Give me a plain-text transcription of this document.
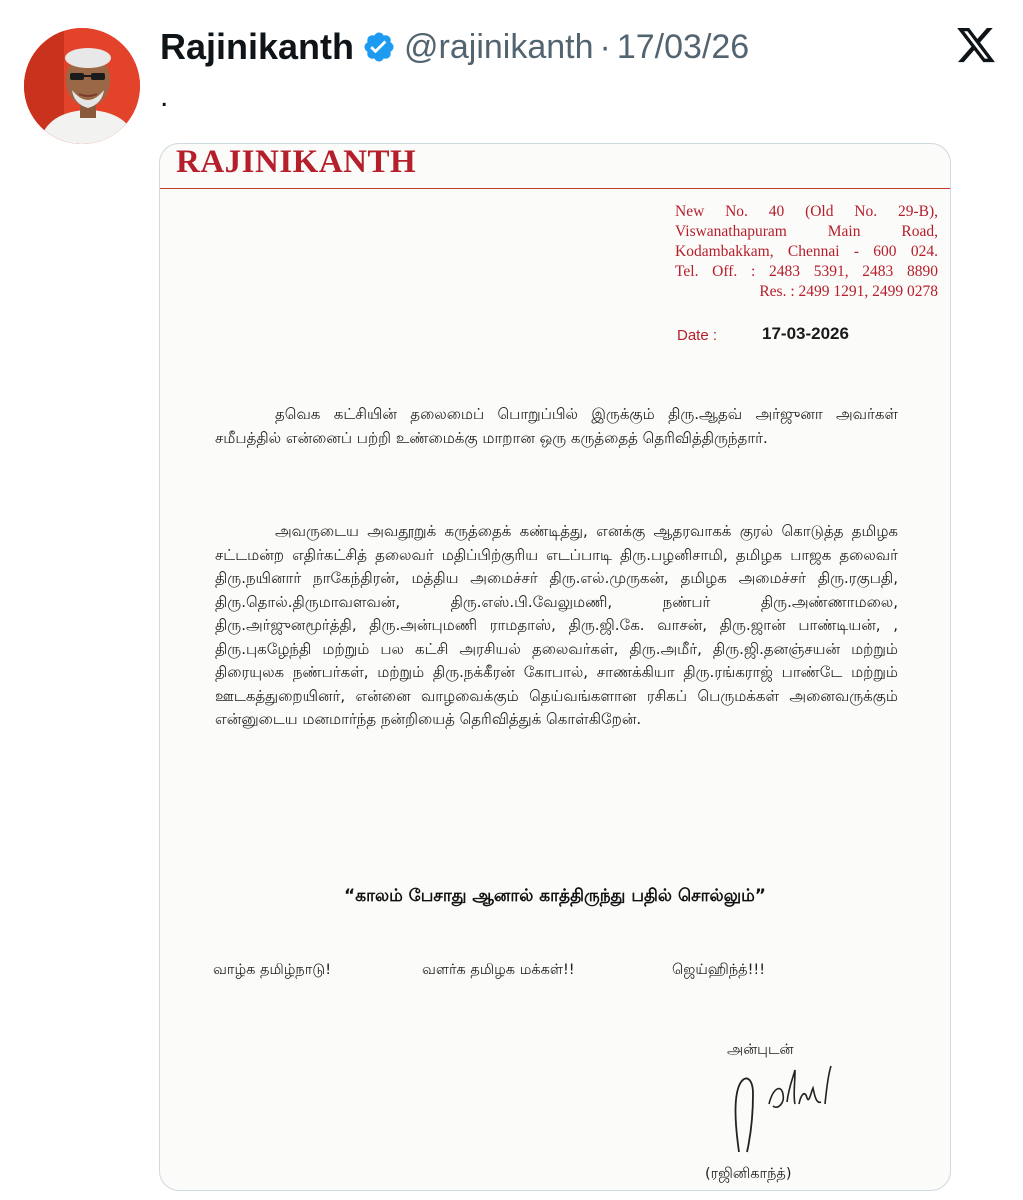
Rajinikanth @rajinikanth · 17/03/26
.
RAJINIKANTH
New No. 40 (Old No. 29-B),
Viswanathapuram Main Road,
Kodambakkam, Chennai - 600 024.
Tel. Off. : 2483 5391, 2483 8890
Res. : 2499 1291, 2499 0278
Date :	17-03-2026
தவெக கட்சியின் தலைமைப் பொறுப்பில் இருக்கும் திரு.ஆதவ் அர்ஜுனா அவர்கள் சமீபத்தில் என்னைப் பற்றி உண்மைக்கு மாறான ஒரு கருத்தைத் தெரிவித்திருந்தார்.
அவருடைய அவதூறுக் கருத்தைக் கண்டித்து, எனக்கு ஆதரவாகக் குரல் கொடுத்த தமிழக சட்டமன்ற எதிர்கட்சித் தலைவர் மதிப்பிற்குரிய எடப்பாடி திரு.பழனிசாமி, தமிழக பாஜக தலைவர் திரு.நயினார் நாகேந்திரன், மத்திய அமைச்சர் திரு.எல்.முருகன், தமிழக அமைச்சர் திரு.ரகுபதி, திரு.தொல்.திருமாவளவன், திரு.எஸ்.பி.வேலுமணி, நண்பர் திரு.அண்ணாமலை, திரு.அர்ஜுனமூர்த்தி, திரு.அன்புமணி ராமதாஸ், திரு.ஜி.கே. வாசன், திரு.ஜான் பாண்டியன், , திரு.புகழேந்தி மற்றும் பல கட்சி அரசியல் தலைவர்கள், திரு.அமீர், திரு.ஜி.தனஞ்சயன் மற்றும் திரையுலக நண்பர்கள், மற்றும் திரு.நக்கீரன் கோபால், சாணக்கியா திரு.ரங்கராஜ் பாண்டே மற்றும் ஊடகத்துறையினர், என்னை வாழவைக்கும் தெய்வங்களான ரசிகப் பெருமக்கள் அனைவருக்கும் என்னுடைய மனமார்ந்த நன்றியைத் தெரிவித்துக் கொள்கிறேன்.
“காலம் பேசாது ஆனால் காத்திருந்து பதில் சொல்லும்”
வாழ்க தமிழ்நாடு!	வளர்க தமிழக மக்கள்!!	ஜெய்ஹிந்த்!!!
அன்புடன்
(ரஜினிகாந்த்)
